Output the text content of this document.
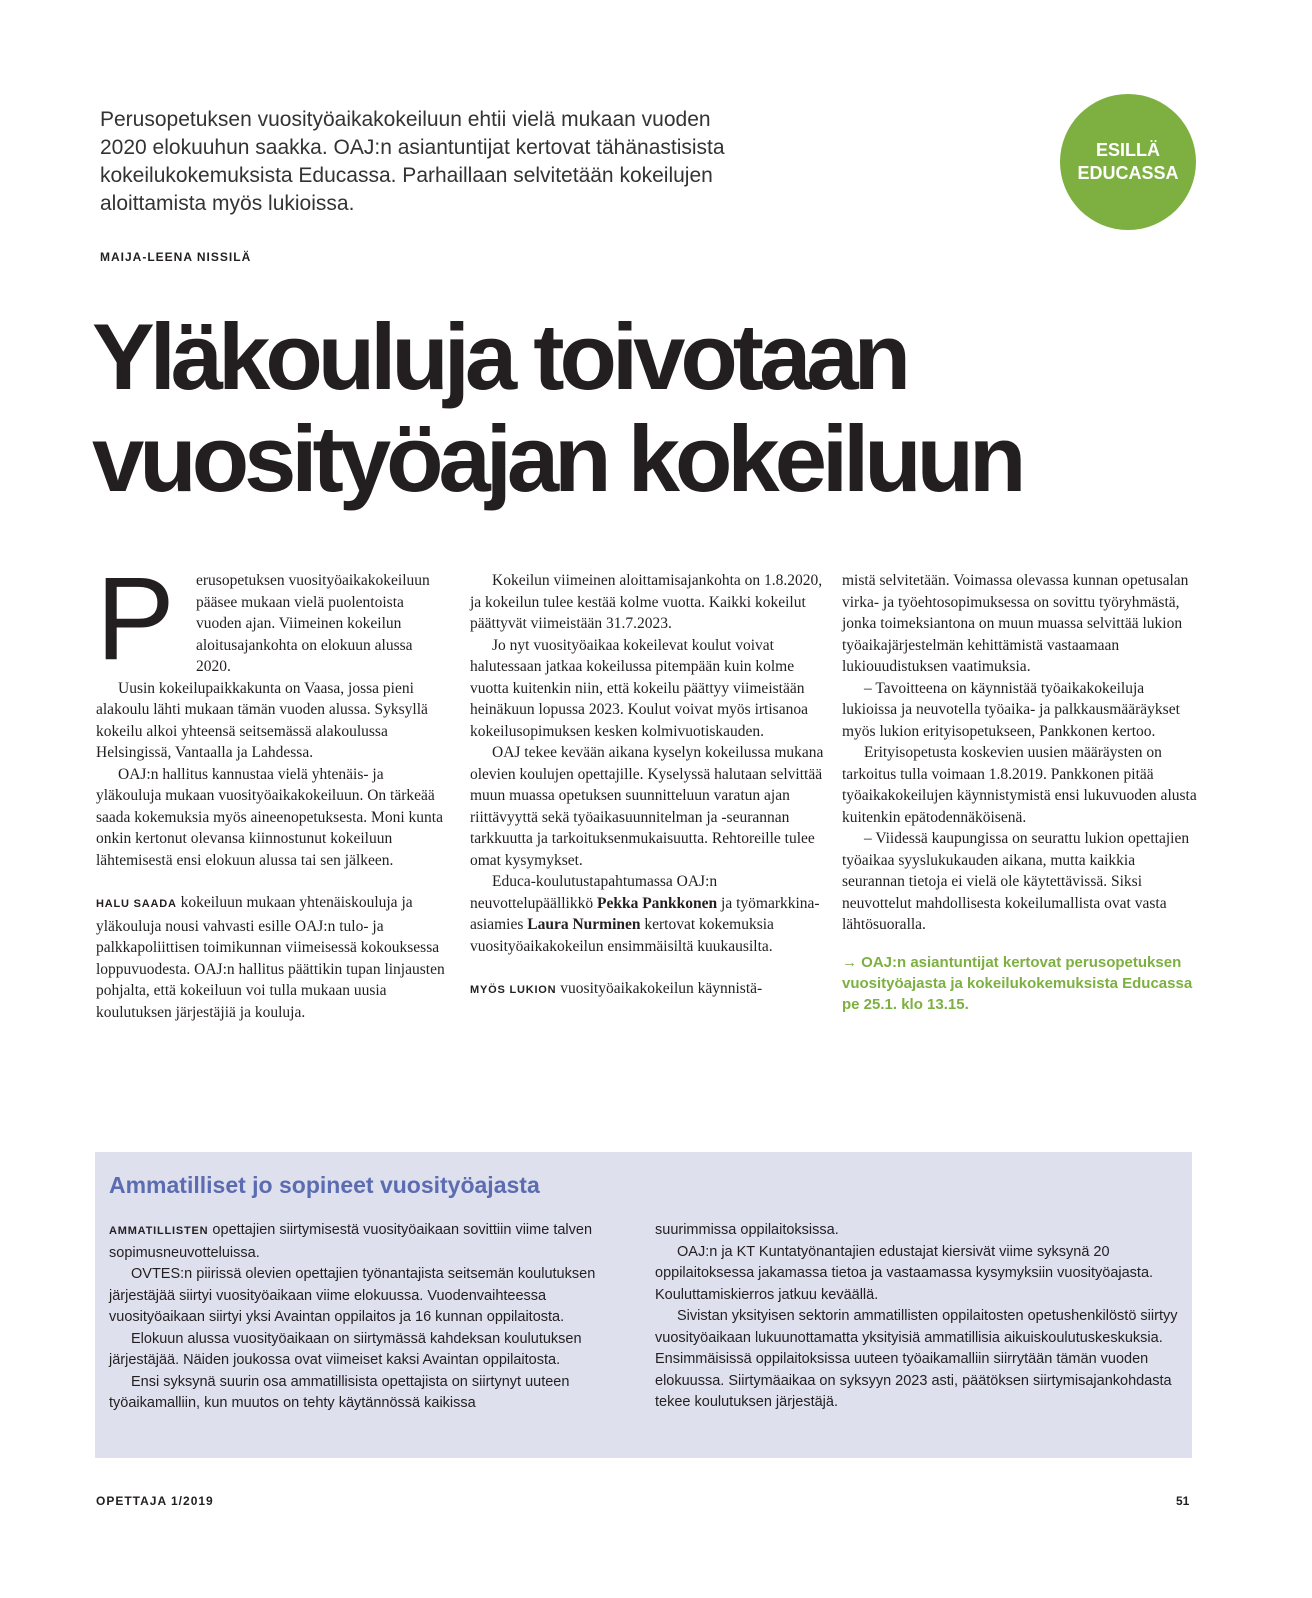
Perusopetuksen vuosityöaikakokeiluun ehtii vielä mukaan vuoden
2020 elokuuhun saakka. OAJ:n asiantuntijat kertovat tähänastisista
kokeilukokemuksista Educassa. Parhaillaan selvitetään kokeilujen
aloittamista myös lukioissa.
MAIJA-LEENA NISSILÄ
ESILLÄ
EDUCASSA
Yläkouluja toivotaan
vuosityöajan kokeiluun
P	erusopetuksen vuosityöaikakokeiluun pääsee mukaan vielä puolentoista vuoden ajan. Viimeinen kokeilun aloitusajankohta on elokuun alussa 2020.

Uusin kokeilupaikkakunta on Vaasa, jossa pieni alakoulu lähti mukaan tämän vuoden alussa. Syksyllä kokeilu alkoi yhteensä seitsemässä alakoulussa Helsingissä, Vantaalla ja Lahdessa.

OAJ:n hallitus kannustaa vielä yhtenäis- ja yläkouluja mukaan vuosityöaikakokeiluun. On tärkeää saada kokemuksia myös aineenopetuksesta. Moni kunta onkin kertonut olevansa kiinnostunut kokeiluun lähtemisestä ensi elokuun alussa tai sen jälkeen.

HALU SAADA kokeiluun mukaan yhtenäiskouluja ja yläkouluja nousi vahvasti esille OAJ:n tulo- ja palkkapoliittisen toimikunnan viimeisessä kokouksessa loppuvuodesta. OAJ:n hallitus päättikin tupan linjausten pohjalta, että kokeiluun voi tulla mukaan uusia koulutuksen järjestäjiä ja kouluja.

Kokeilun viimeinen aloittamisajankohta on 1.8.2020, ja kokeilun tulee kestää kolme vuotta. Kaikki kokeilut päättyvät viimeistään 31.7.2023.

Jo nyt vuosityöaikaa kokeilevat koulut voivat halutessaan jatkaa kokeilussa pitempään kuin kolme vuotta kuitenkin niin, että kokeilu päättyy viimeistään heinäkuun lopussa 2023. Koulut voivat myös irtisanoa kokeilusopimuksen kesken kolmivuotiskauden.

OAJ tekee kevään aikana kyselyn kokeilussa mukana olevien koulujen opettajille. Kyselyssä halutaan selvittää muun muassa opetuksen suunnitteluun varatun ajan riittävyyttä sekä työaikasuunnitelman ja -seurannan tarkkuutta ja tarkoituksenmukaisuutta. Rehtoreille tulee omat kysymykset.

Educa-koulutustapahtumassa OAJ:n neuvottelupäällikkö Pekka Pankkonen ja työmarkkina-asiamies Laura Nurminen kertovat kokemuksia vuosityöaikakokeilun ensimmäisiltä kuukausilta.

MYÖS LUKION vuosityöaikakokeilun käynnistä-

mistä selvitetään. Voimassa olevassa kunnan opetusalan virka- ja työehtosopimuksessa on sovittu työryhmästä, jonka toimeksiantona on muun muassa selvittää lukion työaikajärjestelmän kehittämistä vastaamaan lukiouudistuksen vaatimuksia.

– Tavoitteena on käynnistää työaikakokeiluja lukioissa ja neuvotella työaika- ja palkkausmääräykset myös lukion erityisopetukseen, Pankkonen kertoo.

Erityisopetusta koskevien uusien määräysten on tarkoitus tulla voimaan 1.8.2019. Pankkonen pitää työaikakokeilujen käynnistymistä ensi lukuvuoden alusta kuitenkin epätodennäköisenä.

– Viidessä kaupungissa on seurattu lukion opettajien työaikaa syyslukukauden aikana, mutta kaikkia seurannan tietoja ei vielä ole käytettävissä. Siksi neuvottelut mahdollisesta kokeilumallista ovat vasta lähtösuoralla.

→ OAJ:n asiantuntijat kertovat perusopetuksen vuosityöajasta ja kokeilukokemuksista Educassa pe 25.1. klo 13.15.
Ammatilliset jo sopineet vuosityöajasta

AMMATILLISTEN opettajien siirtymisestä vuosityöaikaan sovittiin viime talven sopimusneuvotteluissa.

OVTES:n piirissä olevien opettajien työnantajista seitsemän koulutuksen järjestäjää siirtyi vuosityöaikaan viime elokuussa. Vuodenvaihteessa vuosityöaikaan siirtyi yksi Avaintan oppilaitos ja 16 kunnan oppilaitosta.

Elokuun alussa vuosityöaikaan on siirtymässä kahdeksan koulutuksen järjestäjää. Näiden joukossa ovat viimeiset kaksi Avaintan oppilaitosta.

Ensi syksynä suurin osa ammatillisista opettajista on siirtynyt uuteen työaikamalliin, kun muutos on tehty käytännössä kaikissa

suurimmissa oppilaitoksissa.

OAJ:n ja KT Kuntatyönantajien edustajat kiersivät viime syksynä 20 oppilaitoksessa jakamassa tietoa ja vastaamassa kysymyksiin vuosityöajasta. Kouluttamiskierros jatkuu keväällä.

Sivistan yksityisen sektorin ammatillisten oppilaitosten opetushenkilöstö siirtyy vuosityöaikaan lukuunottamatta yksityisiä ammatillisia aikuiskoulutuskeskuksia. Ensimmäisissä oppilaitoksissa uuteen työaikamalliin siirrytään tämän vuoden elokuussa. Siirtymäaikaa on syksyyn 2023 asti, päätöksen siirtymisajankohdasta tekee koulutuksen järjestäjä.

OPETTAJA 1/2019	51
